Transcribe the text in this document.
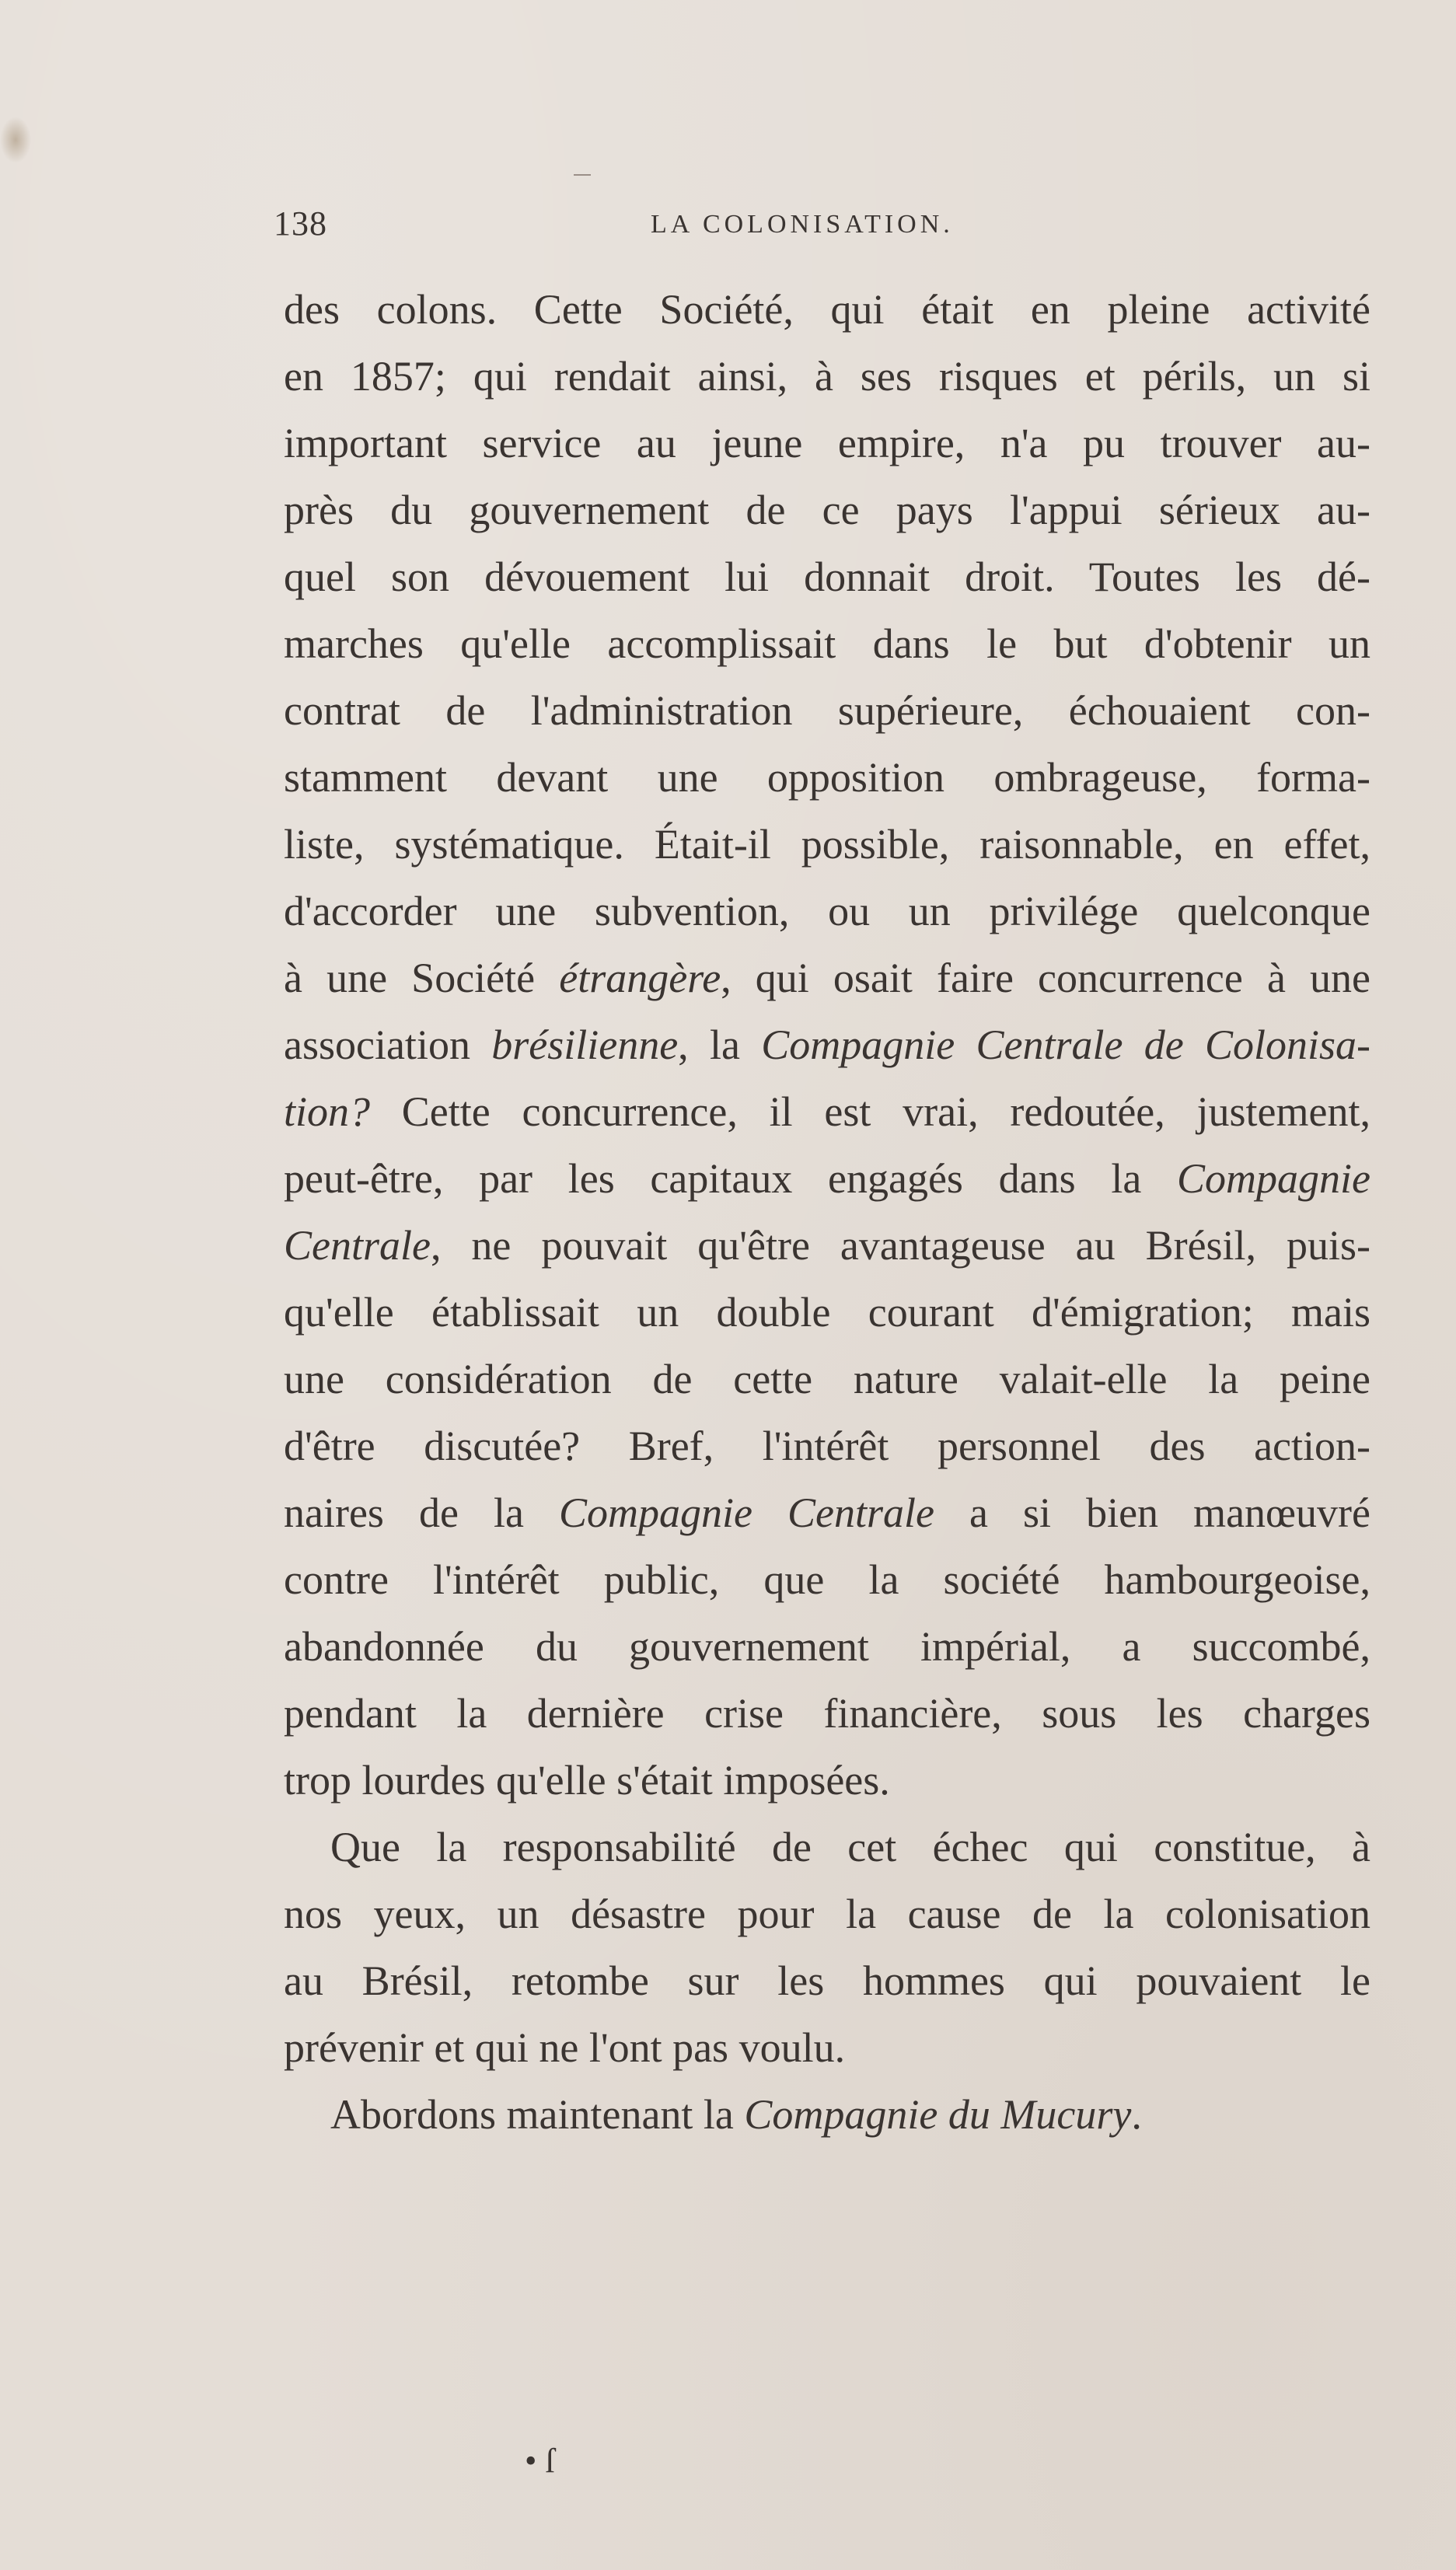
138	LA COLONISATION.
des colons. Cette Société, qui était en pleine activité
en 1857; qui rendait ainsi, à ses risques et périls, un si
important service au jeune empire, n'a pu trouver au-
près du gouvernement de ce pays l'appui sérieux au-
quel son dévouement lui donnait droit. Toutes les dé-
marches qu'elle accomplissait dans le but d'obtenir un
contrat de l'administration supérieure, échouaient con-
stamment devant une opposition ombrageuse, forma-
liste, systématique. Était-il possible, raisonnable, en effet,
d'accorder une subvention, ou un privilége quelconque
à une Société étrangère, qui osait faire concurrence à une
association brésilienne, la Compagnie Centrale de Colonisa-
tion? Cette concurrence, il est vrai, redoutée, justement,
peut-être, par les capitaux engagés dans la Compagnie
Centrale, ne pouvait qu'être avantageuse au Brésil, puis-
qu'elle établissait un double courant d'émigration; mais
une considération de cette nature valait-elle la peine
d'être discutée? Bref, l'intérêt personnel des action-
naires de la Compagnie Centrale a si bien manœuvré
contre l'intérêt public, que la société hambourgeoise,
abandonnée du gouvernement impérial, a succombé,
pendant la dernière crise financière, sous les charges
trop lourdes qu'elle s'était imposées.
Que la responsabilité de cet échec qui constitue, à
nos yeux, un désastre pour la cause de la colonisation
au Brésil, retombe sur les hommes qui pouvaient le
prévenir et qui ne l'ont pas voulu.
Abordons maintenant la Compagnie du Mucury.
• ſ
